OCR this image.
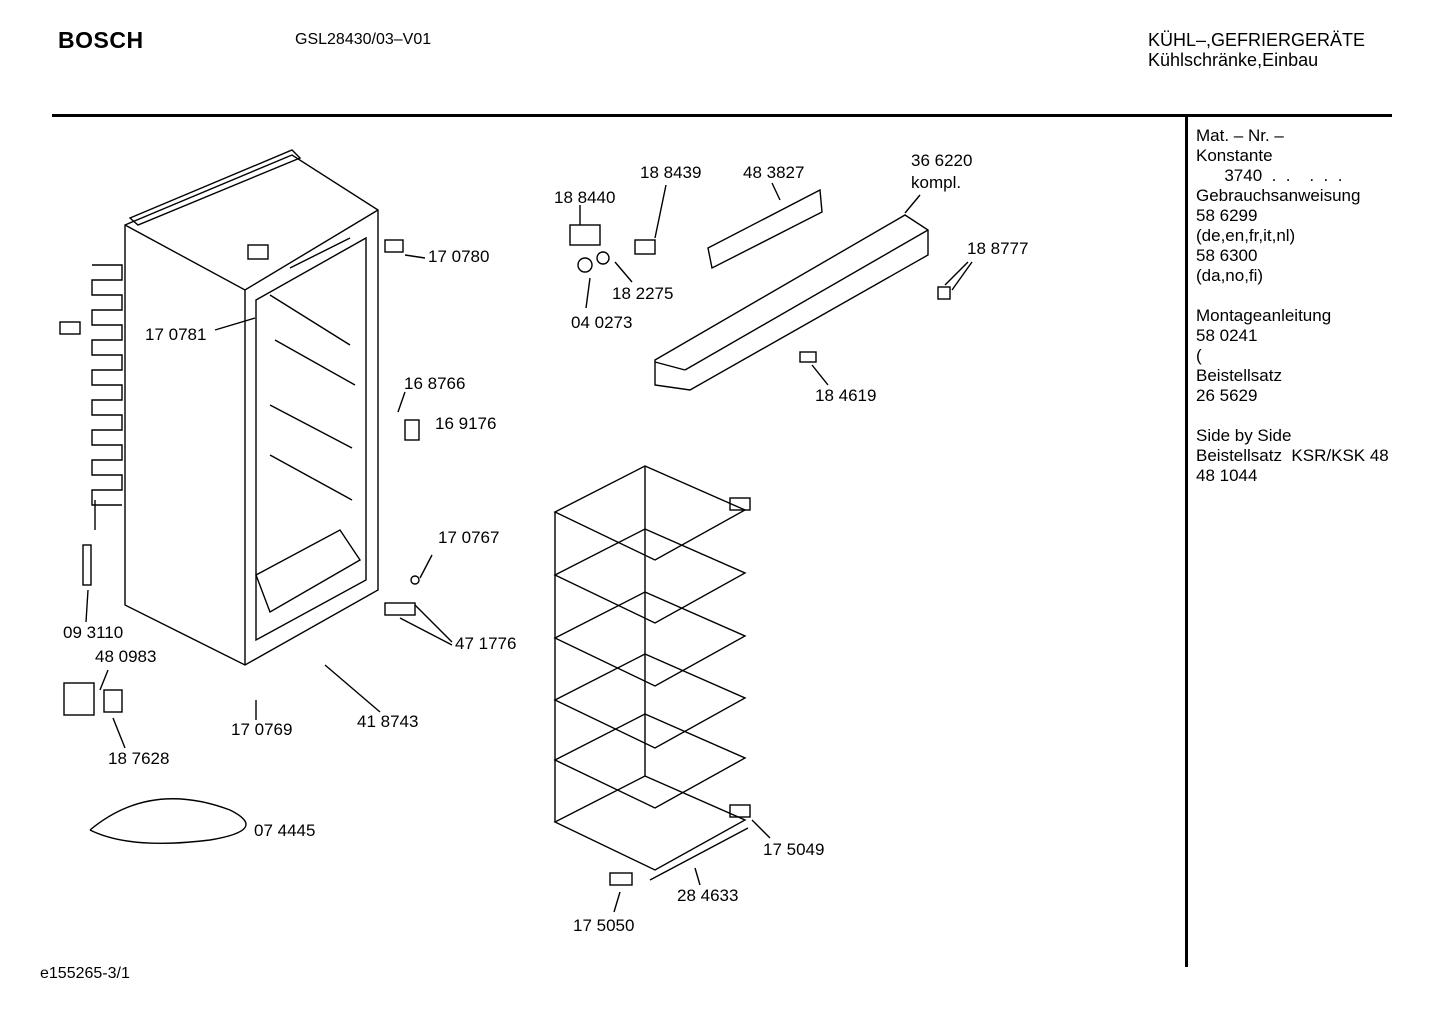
BOSCH	GSL28430/03–V01	KÜHL–,GEFRIERGERÄTE
Kühlschränke,Einbau
Mat. – Nr. –
Konstante
3740  .  .    .  .  .
Gebrauchsanweisung
58 6299
(de,en,fr,it,nl)
58 6300
(da,no,fi)
Montageanleitung
58 0241
(
Beistellsatz
26 5629
Side by Side
Beistellsatz  KSR/KSK 48
48 1044
17 0780
17 0781
16 8766
16 9176
17 0767
47 1776
09 3110
48 0983
17 0769	41 8743
18 7628
07 4445
18 8439 48 3827
36 6220
kompl.
18 8440
18 8777
18 2275
04 0273
18 4619
17 5049
28 4633
17 5050
e155265-3/1
